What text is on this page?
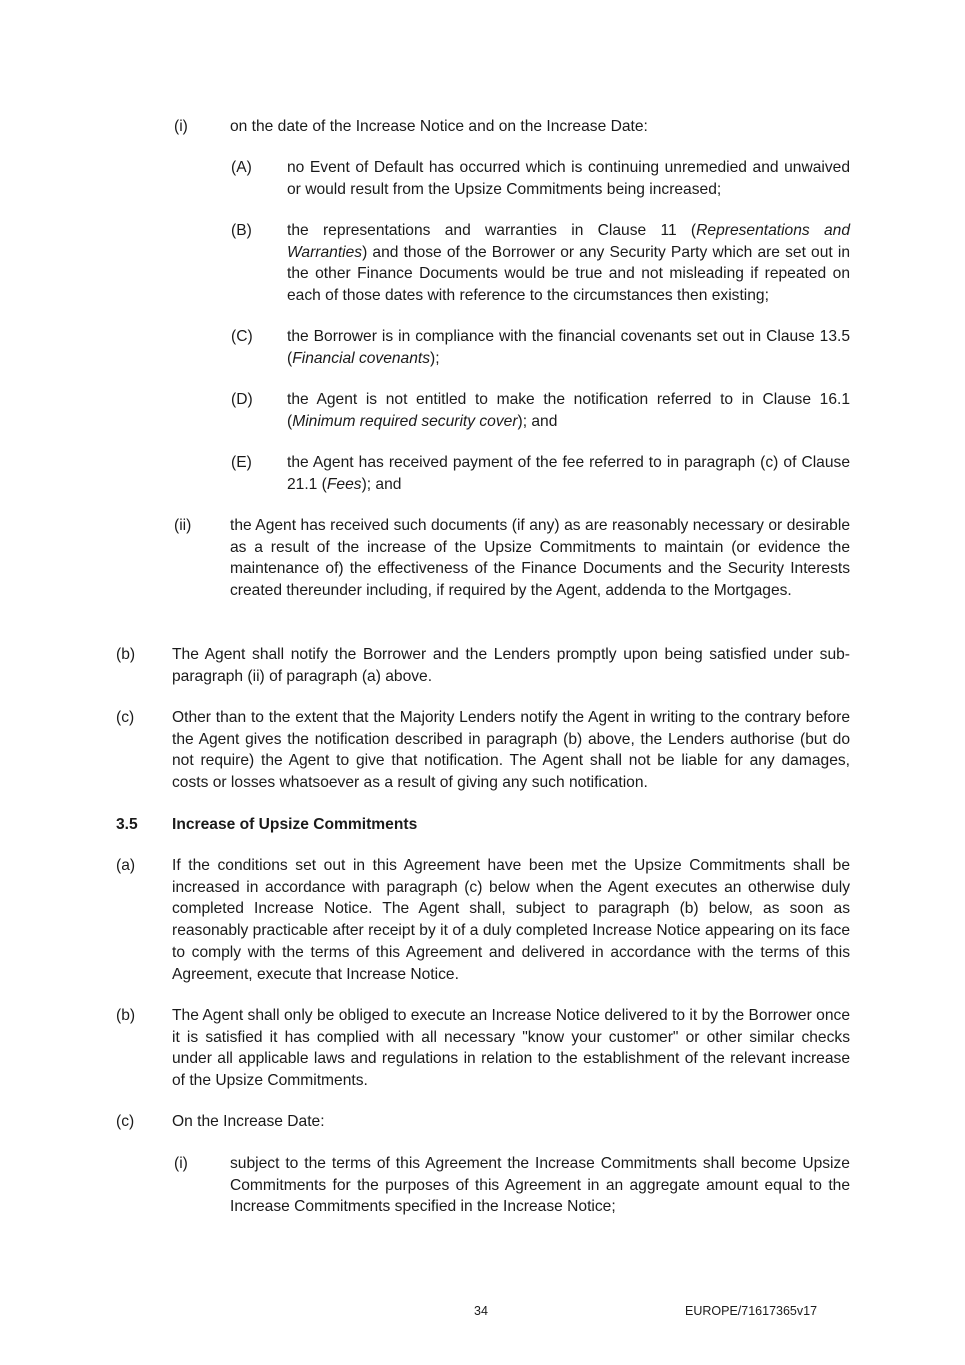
(i)	on the date of the Increase Notice and on the Increase Date:
(A) no Event of Default has occurred which is continuing unremedied and unwaived or would result from the Upsize Commitments being increased;
(B) the representations and warranties in Clause 11 (Representations and Warranties) and those of the Borrower or any Security Party which are set out in the other Finance Documents would be true and not misleading if repeated on each of those dates with reference to the circumstances then existing;
(C) the Borrower is in compliance with the financial covenants set out in Clause 13.5 (Financial covenants);
(D) the Agent is not entitled to make the notification referred to in Clause 16.1 (Minimum required security cover); and
(E) the Agent has received payment of the fee referred to in paragraph (c) of Clause 21.1 (Fees); and
(ii) the Agent has received such documents (if any) as are reasonably necessary or desirable as a result of the increase of the Upsize Commitments to maintain (or evidence the maintenance of) the effectiveness of the Finance Documents and the Security Interests created thereunder including, if required by the Agent, addenda to the Mortgages.
(b) The Agent shall notify the Borrower and the Lenders promptly upon being satisfied under sub-paragraph (ii) of paragraph (a) above.
(c) Other than to the extent that the Majority Lenders notify the Agent in writing to the contrary before the Agent gives the notification described in paragraph (b) above, the Lenders authorise (but do not require) the Agent to give that notification. The Agent shall not be liable for any damages, costs or losses whatsoever as a result of giving any such notification.
3.5 Increase of Upsize Commitments
(a) If the conditions set out in this Agreement have been met the Upsize Commitments shall be increased in accordance with paragraph (c) below when the Agent executes an otherwise duly completed Increase Notice. The Agent shall, subject to paragraph (b) below, as soon as reasonably practicable after receipt by it of a duly completed Increase Notice appearing on its face to comply with the terms of this Agreement and delivered in accordance with the terms of this Agreement, execute that Increase Notice.
(b) The Agent shall only be obliged to execute an Increase Notice delivered to it by the Borrower once it is satisfied it has complied with all necessary "know your customer" or other similar checks under all applicable laws and regulations in relation to the establishment of the relevant increase of the Upsize Commitments.
(c) On the Increase Date:
(i)	subject to the terms of this Agreement the Increase Commitments shall become Upsize Commitments for the purposes of this Agreement in an aggregate amount equal to the Increase Commitments specified in the Increase Notice;
34	EUROPE/71617365v17
